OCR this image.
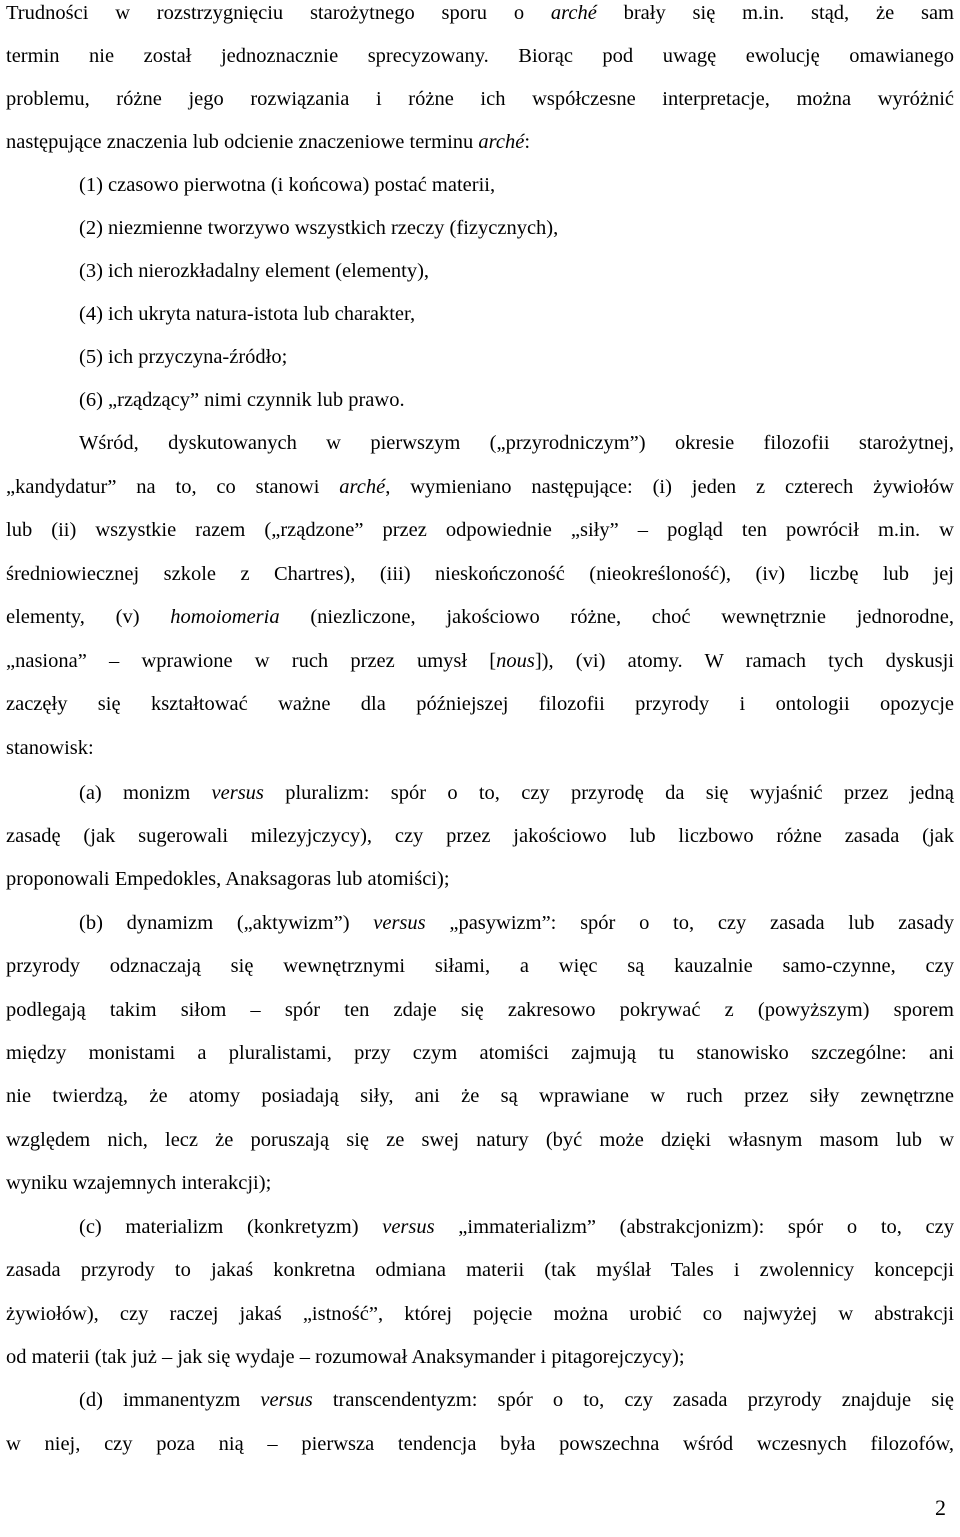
Trudności w rozstrzygnięciu starożytnego sporu o arché brały się m.in. stąd, że sam
termin nie został jednoznacznie sprecyzowany. Biorąc pod uwagę ewolucję omawianego
problemu, różne jego rozwiązania i różne ich współczesne interpretacje, można wyróżnić
następujące znaczenia lub odcienie znaczeniowe terminu arché:
(1) czasowo pierwotna (i końcowa) postać materii,
(2) niezmienne tworzywo wszystkich rzeczy (fizycznych),
(3) ich nierozkładalny element (elementy),
(4) ich ukryta natura-istota lub charakter,
(5) ich przyczyna-źródło;
(6) „rządzący” nimi czynnik lub prawo.
Wśród, dyskutowanych w pierwszym („przyrodniczym”) okresie filozofii starożytnej,
„kandydatur” na to, co stanowi arché, wymieniano następujące: (i) jeden z czterech żywiołów
lub (ii) wszystkie razem („rządzone” przez odpowiednie „siły” – pogląd ten powrócił m.in. w
średniowiecznej szkole z Chartres), (iii) nieskończoność (nieokreśloność), (iv) liczbę lub jej
elementy, (v) homoiomeria (niezliczone, jakościowo różne, choć wewnętrznie jednorodne,
„nasiona” – wprawione w ruch przez umysł [nous]), (vi) atomy. W ramach tych dyskusji
zaczęły się kształtować ważne dla późniejszej filozofii przyrody i ontologii opozycje
stanowisk:
(a) monizm versus pluralizm: spór o to, czy przyrodę da się wyjaśnić przez jedną
zasadę (jak sugerowali milezyjczycy), czy przez jakościowo lub liczbowo różne zasada (jak
proponowali Empedokles, Anaksagoras lub atomiści);
(b) dynamizm („aktywizm”) versus „pasywizm”: spór o to, czy zasada lub zasady
przyrody odznaczają się wewnętrznymi siłami, a więc są kauzalnie samo-czynne, czy
podlegają takim siłom – spór ten zdaje się zakresowo pokrywać z (powyższym) sporem
między monistami a pluralistami, przy czym atomiści zajmują tu stanowisko szczególne: ani
nie twierdzą, że atomy posiadają siły, ani że są wprawiane w ruch przez siły zewnętrzne
względem nich, lecz że poruszają się ze swej natury (być może dzięki własnym masom lub w
wyniku wzajemnych interakcji);
(c) materializm (konkretyzm) versus „immaterializm” (abstrakcjonizm): spór o to, czy
zasada przyrody to jakaś konkretna odmiana materii (tak myślał Tales i zwolennicy koncepcji
żywiołów), czy raczej jakaś „istność”, której pojęcie można urobić co najwyżej w abstrakcji
od materii (tak już – jak się wydaje – rozumował Anaksymander i pitagorejczycy);
(d) immanentyzm versus transcendentyzm: spór o to, czy zasada przyrody znajduje się
w niej, czy poza nią – pierwsza tendencja była powszechna wśród wczesnych filozofów,
2
